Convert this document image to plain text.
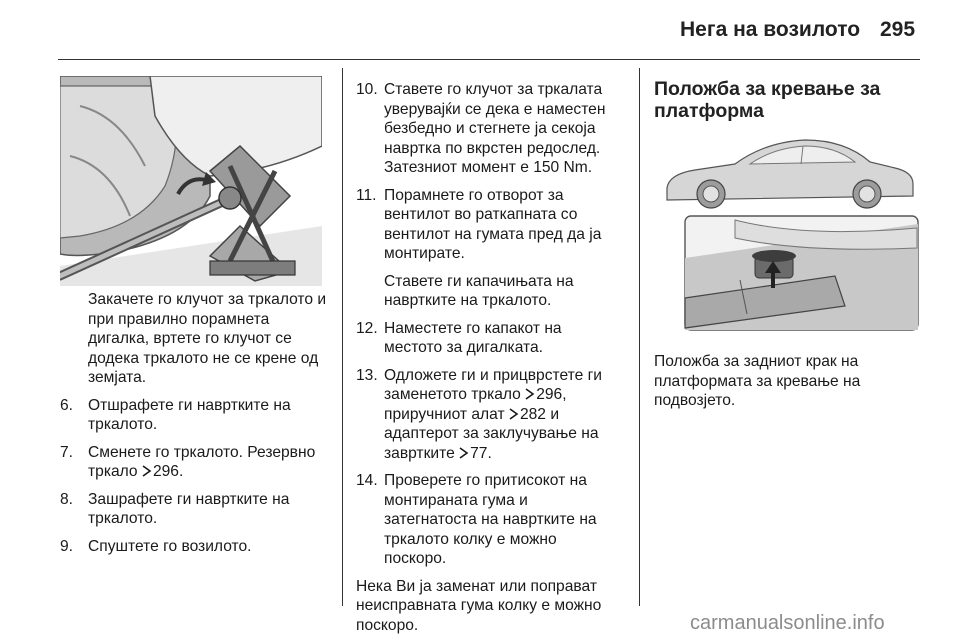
Нега на возилото 295

Закачете го клучот за тркалото и при правилно порамнета дигалка, вртете го клучот се додека тркалото не се крене од земјата.

6. Отшрафете ги навртките на тркалото.
7. Сменете го тркалото. Резервно тркало
296.
8. Зашрафете ги навртките на тркалото.
9. Спуштете го возилото.
10. Ставете го клучот за тркалата уверувајќи се дека е наместен безбедно и стегнете ја секоја навртка по вкрстен редослед. Затезниот момент е 150 Nm.
11. Порамнете го отворот за вентилот во раткапната со вентилот на гумата пред да ја монтирате.
Ставете ги капачињата на навртките на тркалото.
12. Наместете го капакот на местото за дигалката.
13. Одложете ги и прицврстете ги заменетото тркало
296, приручниот алат
282 и адаптерот за заклучување на завртките
77.
14. Проверете го притисокот на монтираната гума и затегнатоста на навртките на тркалото колку е можно поскоро.

Нека Ви ја заменат или поправат неисправната гума колку е можно поскоро.

Положба за кревање за платформа

Положба за задниот крак на платформата за кревање на подвозјето.

carmanualsonline.info
